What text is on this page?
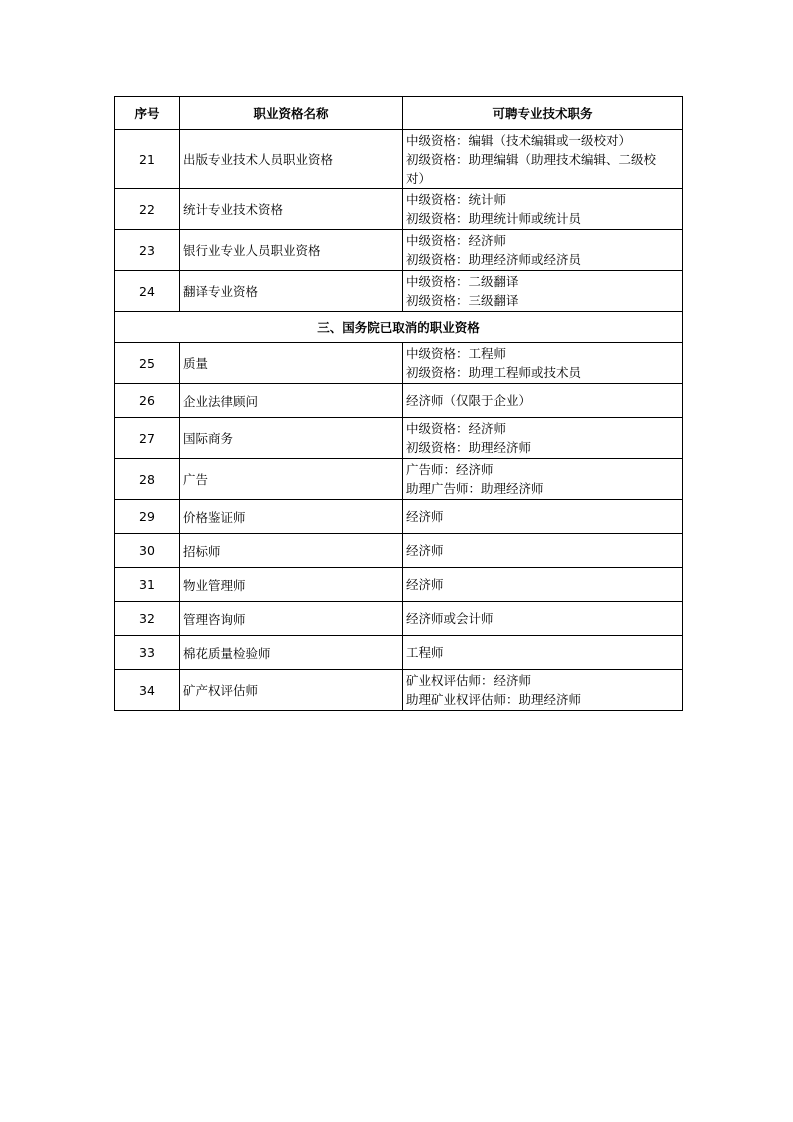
序号	职业资格名称	可聘专业技术职务
21	出版专业技术人员职业资格	中级资格：编辑（技术编辑或一级校对）
初级资格：助理编辑（助理技术编辑、二级校
对）

22	统计专业技术资格	中级资格：统计师
初级资格：助理统计师或统计员

23	银行业专业人员职业资格	中级资格：经济师
初级资格：助理经济师或经济员

24	翻译专业资格	中级资格：二级翻译
初级资格：三级翻译

三、国务院已取消的职业资格		
25	质量	中级资格：工程师
初级资格：助理工程师或技术员

26	企业法律顾问	经济师（仅限于企业）

27	国际商务	中级资格：经济师
初级资格：助理经济师

28	广告	广告师：经济师
助理广告师：助理经济师

29	价格鉴证师	经济师

30	招标师	经济师

31	物业管理师	经济师

32	管理咨询师	经济师或会计师

33	棉花质量检验师	工程师

34	矿产权评估师	矿业权评估师：经济师
助理矿业权评估师：助理经济师
